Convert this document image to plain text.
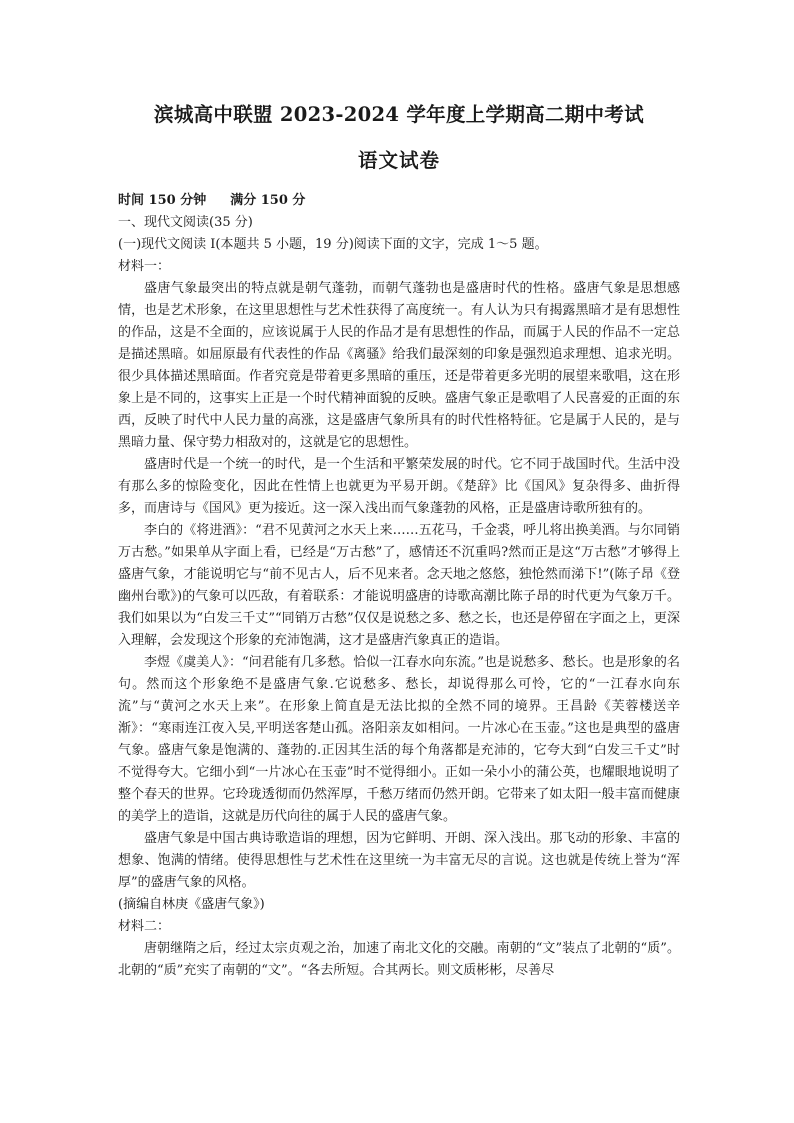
滨城高中联盟 2023-2024 学年度上学期高二期中考试
语文试卷

时间 150 分钟 满分 150 分

一、现代文阅读(35 分)

(一)现代文阅读 Ⅰ(本题共 5 小题，19 分)阅读下面的文字，完成 1～5 题。

材料一：

盛唐气象最突出的特点就是朝气蓬勃，而朝气蓬勃也是盛唐时代的性格。盛唐气象是思想感情，也是艺术形象，在这里思想性与艺术性获得了高度统一。有人认为只有揭露黑暗才是有思想性的作品，这是不全面的，应该说属于人民的作品才是有思想性的作品，而属于人民的作品不一定总是描述黑暗。如屈原最有代表性的作品《离骚》给我们最深刻的印象是强烈追求理想、追求光明。很少具体描述黑暗面。作者究竟是带着更多黑暗的重压，还是带着更多光明的展望来歌唱，这在形象上是不同的，这事实上正是一个时代精神面貌的反映。盛唐气象正是歌唱了人民喜爱的正面的东西，反映了时代中人民力量的高涨，这是盛唐气象所具有的时代性格特征。它是属于人民的，是与黑暗力量、保守势力相敌对的，这就是它的思想性。

盛唐时代是一个统一的时代，是一个生活和平繁荣发展的时代。它不同于战国时代。生活中没有那么多的惊险变化，因此在性情上也就更为平易开朗。《楚辞》比《国风》复杂得多、曲折得多，而唐诗与《国风》更为接近。这一深入浅出而气象蓬勃的风格，正是盛唐诗歌所独有的。

李白的《将进酒》：“君不见黄河之水天上来……五花马，千金裘，呼儿将出换美酒。与尔同销万古愁。”如果单从字面上看，已经是“万古愁”了，感情还不沉重吗?然而正是这“万古愁”才够得上盛唐气象，才能说明它与“前不见古人，后不见来者。念天地之悠悠，独怆然而涕下!”(陈子昂《登幽州台歌》)的气象可以匹敌，有着联系：才能说明盛唐的诗歌高潮比陈子昂的时代更为气象万千。我们如果以为“白发三千丈”“同销万古愁”仅仅是说愁之多、愁之长，也还是停留在字面之上，更深入理解，会发现这个形象的充沛饱满，这才是盛唐汽象真正的造诣。

李煜《虞美人》：“问君能有几多愁。恰似一江春水向东流。”也是说愁多、愁长。也是形象的名句。然而这个形象绝不是盛唐气象.它说愁多、愁长，却说得那么可怜，它的“一江春水向东流”与“黄河之水天上来”。在形象上简直是无法比拟的全然不同的境界。王昌龄《芙蓉楼送辛渐》：“寒雨连江夜入吴,平明送客楚山孤。洛阳亲友如相问。一片冰心在玉壶。”这也是典型的盛唐气象。盛唐气象是饱满的、蓬勃的.正因其生活的每个角落都是充沛的，它夸大到“白发三千丈”时不觉得夸大。它细小到“一片冰心在玉壶”时不觉得细小。正如一朵小小的蒲公英，也耀眼地说明了整个春天的世界。它玲珑透彻而仍然浑厚，千愁万绪而仍然开朗。它带来了如太阳一般丰富而健康的美学上的造诣，这就是历代向往的属于人民的盛唐气象。

盛唐气象是中国古典诗歌造诣的理想，因为它鲜明、开朗、深入浅出。那飞动的形象、丰富的想象、饱满的情绪。使得思想性与艺术性在这里统一为丰富无尽的言说。这也就是传统上誉为“浑厚”的盛唐气象的风格。

(摘编自林庚《盛唐气象》)

材料二：

唐朝继隋之后，经过太宗贞观之治，加速了南北文化的交融。南朝的“文”装点了北朝的“质”。北朝的“质”充实了南朝的“文”。“各去所短。合其两长。则文质彬彬，尽善尽
